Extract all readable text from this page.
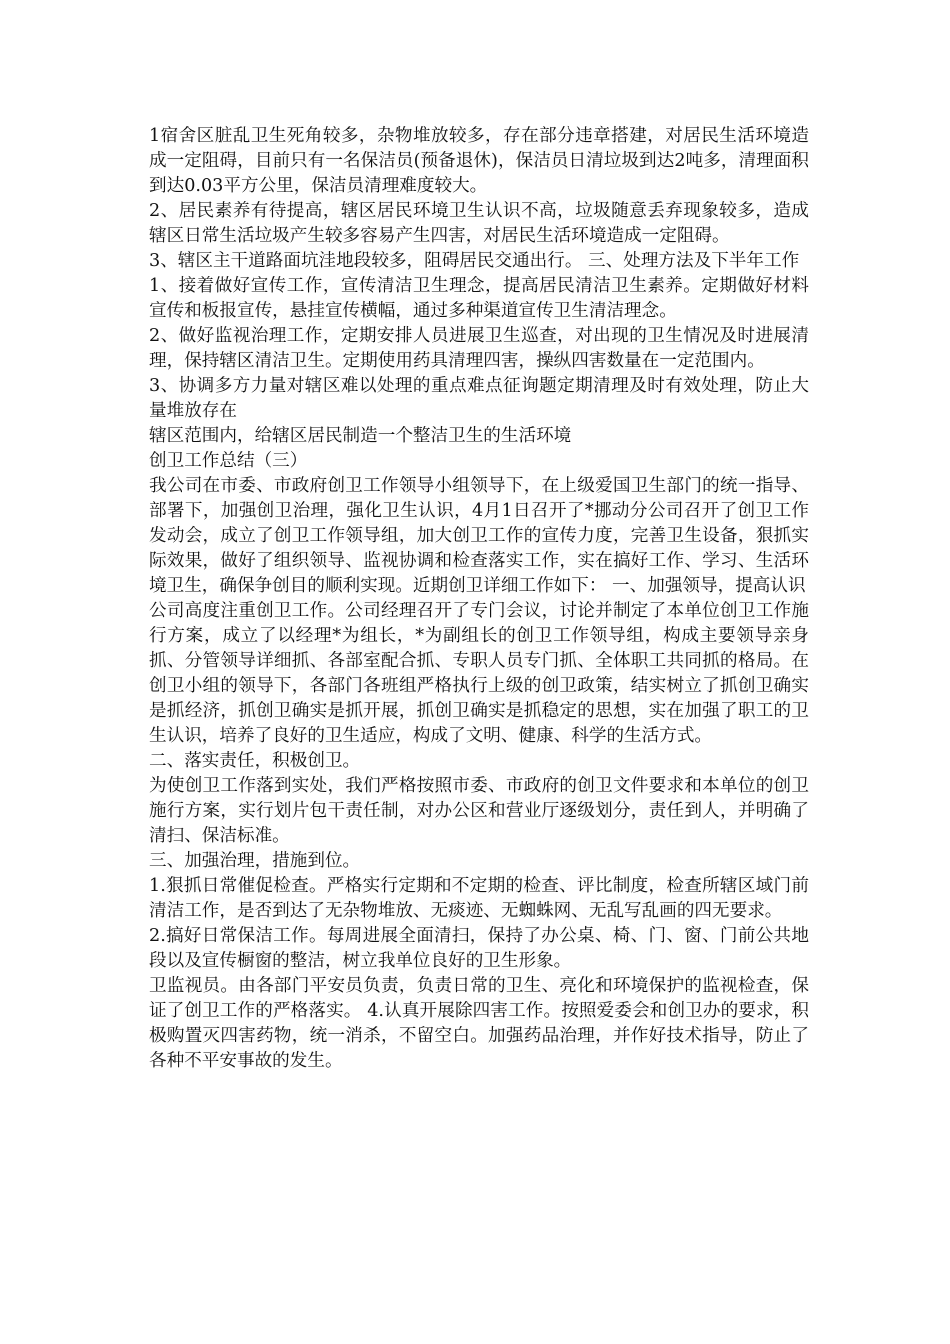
1宿舍区脏乱卫生死角较多，杂物堆放较多，存在部分违章搭建，对居民生活环境造成一定阻碍，目前只有一名保洁员(预备退休)，保洁员日清垃圾到达2吨多，清理面积到达0.03平方公里，保洁员清理难度较大。

2、居民素养有待提高，辖区居民环境卫生认识不高，垃圾随意丢弃现象较多，造成辖区日常生活垃圾产生较多容易产生四害，对居民生活环境造成一定阻碍。

3、辖区主干道路面坑洼地段较多，阻碍居民交通出行。 三、处理方法及下半年工作

1、接着做好宣传工作，宣传清洁卫生理念，提高居民清洁卫生素养。定期做好材料宣传和板报宣传，悬挂宣传横幅，通过多种渠道宣传卫生清洁理念。

2、做好监视治理工作，定期安排人员进展卫生巡查，对出现的卫生情况及时进展清理，保持辖区清洁卫生。定期使用药具清理四害，操纵四害数量在一定范围内。

3、协调多方力量对辖区难以处理的重点难点征询题定期清理及时有效处理，防止大量堆放存在

辖区范围内，给辖区居民制造一个整洁卫生的生活环境

创卫工作总结（三）

我公司在市委、市政府创卫工作领导小组领导下，在上级爱国卫生部门的统一指导、部署下，加强创卫治理，强化卫生认识，4月1日召开了*挪动分公司召开了创卫工作发动会，成立了创卫工作领导组，加大创卫工作的宣传力度，完善卫生设备，狠抓实际效果，做好了组织领导、监视协调和检查落实工作，实在搞好工作、学习、生活环境卫生，确保争创目的顺利实现。近期创卫详细工作如下： 一、加强领导，提高认识

公司高度注重创卫工作。公司经理召开了专门会议，讨论并制定了本单位创卫工作施行方案，成立了以经理*为组长，*为副组长的创卫工作领导组，构成主要领导亲身抓、分管领导详细抓、各部室配合抓、专职人员专门抓、全体职工共同抓的格局。在创卫小组的领导下，各部门各班组严格执行上级的创卫政策，结实树立了抓创卫确实是抓经济，抓创卫确实是抓开展，抓创卫确实是抓稳定的思想，实在加强了职工的卫生认识，培养了良好的卫生适应，构成了文明、健康、科学的生活方式。

二、落实责任，积极创卫。

为使创卫工作落到实处，我们严格按照市委、市政府的创卫文件要求和本单位的创卫施行方案，实行划片包干责任制，对办公区和营业厅逐级划分，责任到人，并明确了清扫、保洁标准。

三、加强治理，措施到位。

1.狠抓日常催促检查。严格实行定期和不定期的检查、评比制度，检查所辖区域门前清洁工作，是否到达了无杂物堆放、无痰迹、无蜘蛛网、无乱写乱画的四无要求。

2.搞好日常保洁工作。每周进展全面清扫，保持了办公桌、椅、门、窗、门前公共地段以及宣传橱窗的整洁，树立我单位良好的卫生形象。

卫监视员。由各部门平安员负责，负责日常的卫生、亮化和环境保护的监视检查，保证了创卫工作的严格落实。 4.认真开展除四害工作。按照爱委会和创卫办的要求，积极购置灭四害药物，统一消杀，不留空白。加强药品治理，并作好技术指导，防止了各种不平安事故的发生。
